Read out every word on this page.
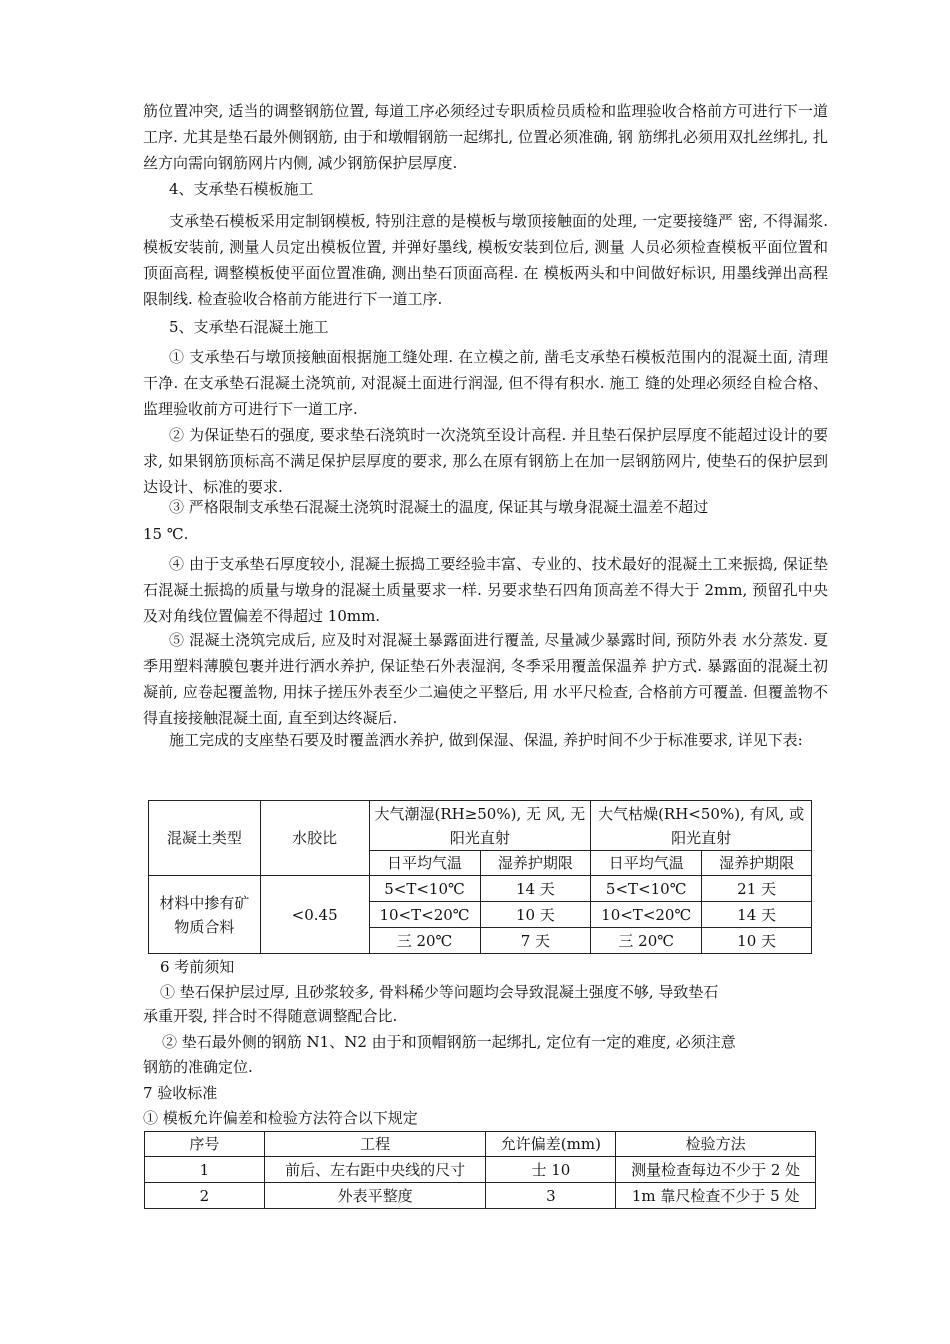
筋位置冲突, 适当的调整钢筋位置, 每道工序必须经过专职质检员质检和监理验收合格前方可进行下一道工序. 尤其是垫石最外侧钢筋, 由于和墩帽钢筋一起绑扎, 位置必须准确, 钢 筋绑扎必须用双扎丝绑扎, 扎丝方向需向钢筋网片内侧, 减少钢筋保护层厚度.

4、支承垫石模板施工

支承垫石模板采用定制钢模板, 特别注意的是模板与墩顶接触面的处理, 一定要接缝严 密, 不得漏浆. 模板安装前, 测量人员定出模板位置, 并弹好墨线, 模板安装到位后, 测量 人员必须检查模板平面位置和顶面高程, 调整模板使平面位置准确, 测出垫石顶面高程. 在 模板两头和中间做好标识, 用墨线弹出高程限制线. 检查验收合格前方能进行下一道工序.

5、支承垫石混凝土施工

① 支承垫石与墩顶接触面根据施工缝处理. 在立模之前, 凿毛支承垫石模板范围内的混凝土面, 清理干净. 在支承垫石混凝土浇筑前, 对混凝土面进行润湿, 但不得有积水. 施工 缝的处理必须经自检合格、监理验收前方可进行下一道工序.

② 为保证垫石的强度, 要求垫石浇筑时一次浇筑至设计高程. 并且垫石保护层厚度不能超过设计的要求, 如果钢筋顶标高不满足保护层厚度的要求, 那么在原有钢筋上在加一层钢筋网片, 使垫石的保护层到达设计、标准的要求.

③ 严格限制支承垫石混凝土浇筑时混凝土的温度, 保证其与墩身混凝土温差不超过

15 ℃.

④ 由于支承垫石厚度较小, 混凝土振捣工要经验丰富、专业的、技术最好的混凝土工来振捣, 保证垫石混凝土振捣的质量与墩身的混凝土质量要求一样. 另要求垫石四角顶高差不得大于 2mm, 预留孔中央及对角线位置偏差不得超过 10mm.

⑤ 混凝土浇筑完成后, 应及时对混凝土暴露面进行覆盖, 尽量减少暴露时间, 预防外表 水分蒸发. 夏季用塑料薄膜包裹并进行洒水养护, 保证垫石外表湿润, 冬季采用覆盖保温养 护方式. 暴露面的混凝土初凝前, 应卷起覆盖物, 用抹子搓压外表至少二遍使之平整后, 用 水平尺检查, 合格前方可覆盖. 但覆盖物不得直接接触混凝土面, 直至到达终凝后.

施工完成的支座垫石要及时覆盖洒水养护, 做到保湿、保温, 养护时间不少于标准要求, 详见下表:

混凝土类型	水胶比	大气潮湿(RH≥50%), 无 风, 无阳光直射		大气枯燥(RH<50%), 有风, 或阳光直射	
		日平均气温	湿养护期限	日平均气温	湿养护期限
材料中掺有矿物质合料	<0.45	5<T<10℃	14 天	5<T<10℃	21 天
		10<T<20℃	10 天	10<T<20℃	14 天
		三 20℃	7 天	三 20℃	10 天

6 考前须知

① 垫石保护层过厚, 且砂浆较多, 骨料稀少等问题均会导致混凝土强度不够, 导致垫石

承重开裂, 拌合时不得随意调整配合比.

② 垫石最外侧的钢筋 N1、N2 由于和顶帽钢筋一起绑扎, 定位有一定的难度, 必须注意

钢筋的准确定位.

7 验收标准

① 模板允许偏差和检验方法符合以下规定

序号	工程	允许偏差(mm)	检验方法
1	前后、左右距中央线的尺寸	士 10	测量检查每边不少于 2 处
2	外表平整度	3	1m 靠尺检查不少于 5 处
